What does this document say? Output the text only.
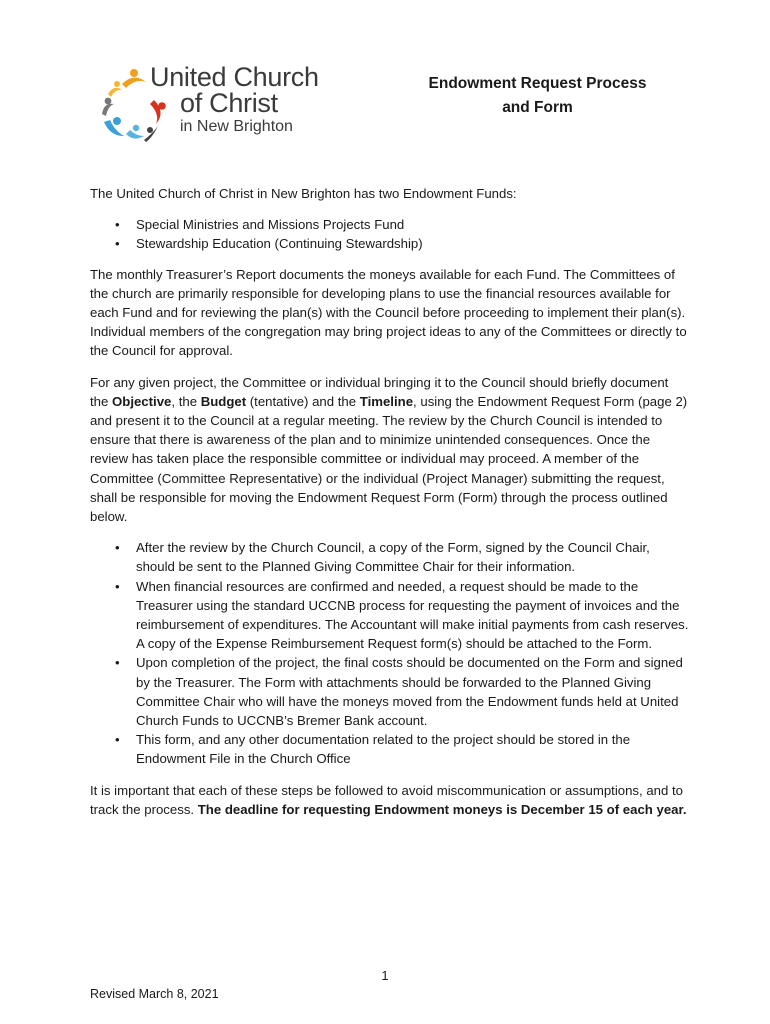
United Church
of Christ
in New Brighton
Endowment Request Process
and Form

The United Church of Christ in New Brighton has two Endowment Funds:

• Special Ministries and Missions Projects Fund
• Stewardship Education (Continuing Stewardship)

The monthly Treasurer’s Report documents the moneys available for each Fund. The Committees of the church are primarily responsible for developing plans to use the financial resources available for each Fund and for reviewing the plan(s) with the Council before proceeding to implement their plan(s). Individual members of the congregation may bring project ideas to any of the Committees or directly to the Council for approval.

For any given project, the Committee or individual bringing it to the Council should briefly document the Objective, the Budget (tentative) and the Timeline, using the Endowment Request Form (page 2) and present it to the Council at a regular meeting. The review by the Church Council is intended to ensure that there is awareness of the plan and to minimize unintended consequences. Once the review has taken place the responsible committee or individual may proceed. A member of the Committee (Committee Representative) or the individual (Project Manager) submitting the request, shall be responsible for moving the Endowment Request Form (Form) through the process outlined below.

• After the review by the Church Council, a copy of the Form, signed by the Council Chair, should be sent to the Planned Giving Committee Chair for their information.
• When financial resources are confirmed and needed, a request should be made to the Treasurer using the standard UCCNB process for requesting the payment of invoices and the reimbursement of expenditures. The Accountant will make initial payments from cash reserves. A copy of the Expense Reimbursement Request form(s) should be attached to the Form.
• Upon completion of the project, the final costs should be documented on the Form and signed by the Treasurer. The Form with attachments should be forwarded to the Planned Giving Committee Chair who will have the moneys moved from the Endowment funds held at United Church Funds to UCCNB’s Bremer Bank account.
• This form, and any other documentation related to the project should be stored in the Endowment File in the Church Office

It is important that each of these steps be followed to avoid miscommunication or assumptions, and to track the process. The deadline for requesting Endowment moneys is December 15 of each year.

1
Revised March 8, 2021
